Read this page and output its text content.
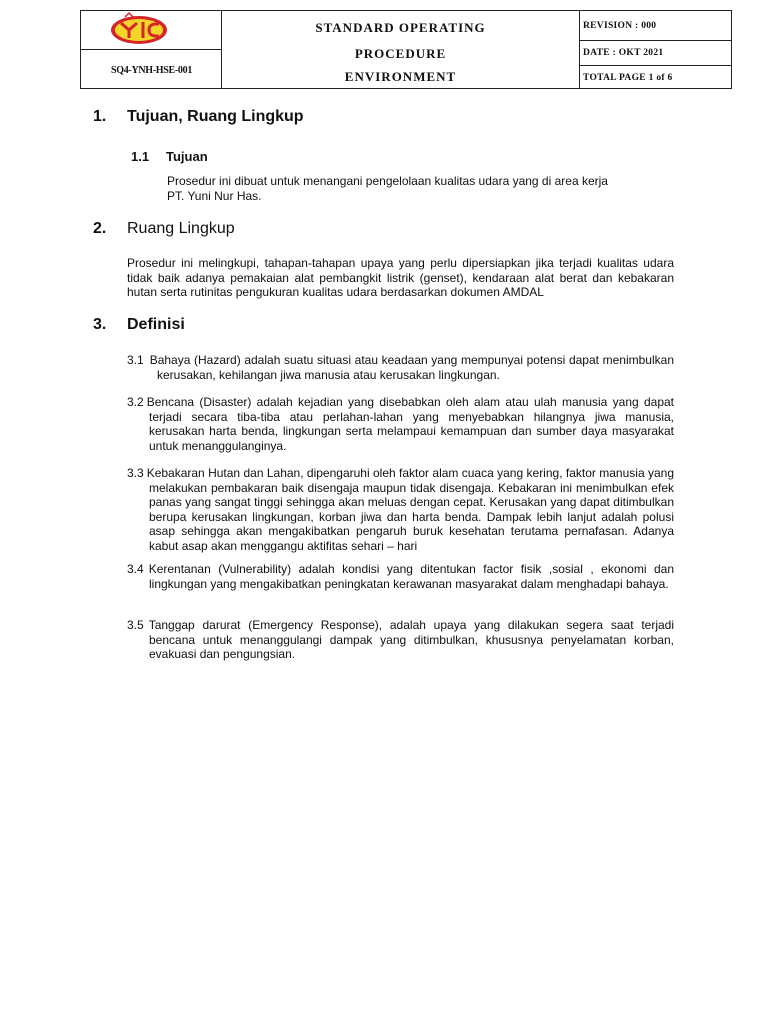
YNH
SQ4-YNH-HSE-001
STANDARD OPERATING
PROCEDURE
ENVIRONMENT
REVISION : 000
DATE : OKT 2021
TOTAL PAGE 1 of 6
1. Tujuan, Ruang Lingkup
1.1 Tujuan
Prosedur ini dibuat untuk menangani pengelolaan kualitas udara yang di area kerja
PT. Yuni Nur Has.
2. Ruang Lingkup
Prosedur ini melingkupi, tahapan-tahapan upaya yang perlu dipersiapkan jika terjadi kualitas udara tidak baik adanya pemakaian alat pembangkit listrik (genset), kendaraan alat berat dan kebakaran hutan serta rutinitas pengukuran kualitas udara berdasarkan dokumen AMDAL
3. Definisi
3.1 Bahaya (Hazard) adalah suatu situasi atau keadaan yang mempunyai potensi dapat menimbulkan kerusakan, kehilangan jiwa manusia atau kerusakan lingkungan.
3.2 Bencana (Disaster) adalah kejadian yang disebabkan oleh alam atau ulah manusia yang dapat terjadi secara tiba-tiba atau perlahan-lahan yang menyebabkan hilangnya jiwa manusia, kerusakan harta benda, lingkungan serta melampaui kemampuan dan sumber daya masyarakat untuk menanggulanginya.
3.3 Kebakaran Hutan dan Lahan, dipengaruhi oleh faktor alam cuaca yang kering, faktor manusia yang melakukan pembakaran baik disengaja maupun tidak disengaja. Kebakaran ini menimbulkan efek panas yang sangat tinggi sehingga akan meluas dengan cepat. Kerusakan yang dapat ditimbulkan berupa kerusakan lingkungan, korban jiwa dan harta benda. Dampak lebih lanjut adalah polusi asap sehingga akan mengakibatkan pengaruh buruk kesehatan terutama pernafasan. Adanya kabut asap akan menggangu aktifitas sehari – hari
3.4 Kerentanan (Vulnerability) adalah kondisi yang ditentukan factor fisik ,sosial , ekonomi dan lingkungan yang mengakibatkan peningkatan kerawanan masyarakat dalam menghadapi bahaya.
3.5 Tanggap darurat (Emergency Response), adalah upaya yang dilakukan segera saat terjadi bencana untuk menanggulangi dampak yang ditimbulkan, khususnya penyelamatan korban, evakuasi dan pengungsian.
